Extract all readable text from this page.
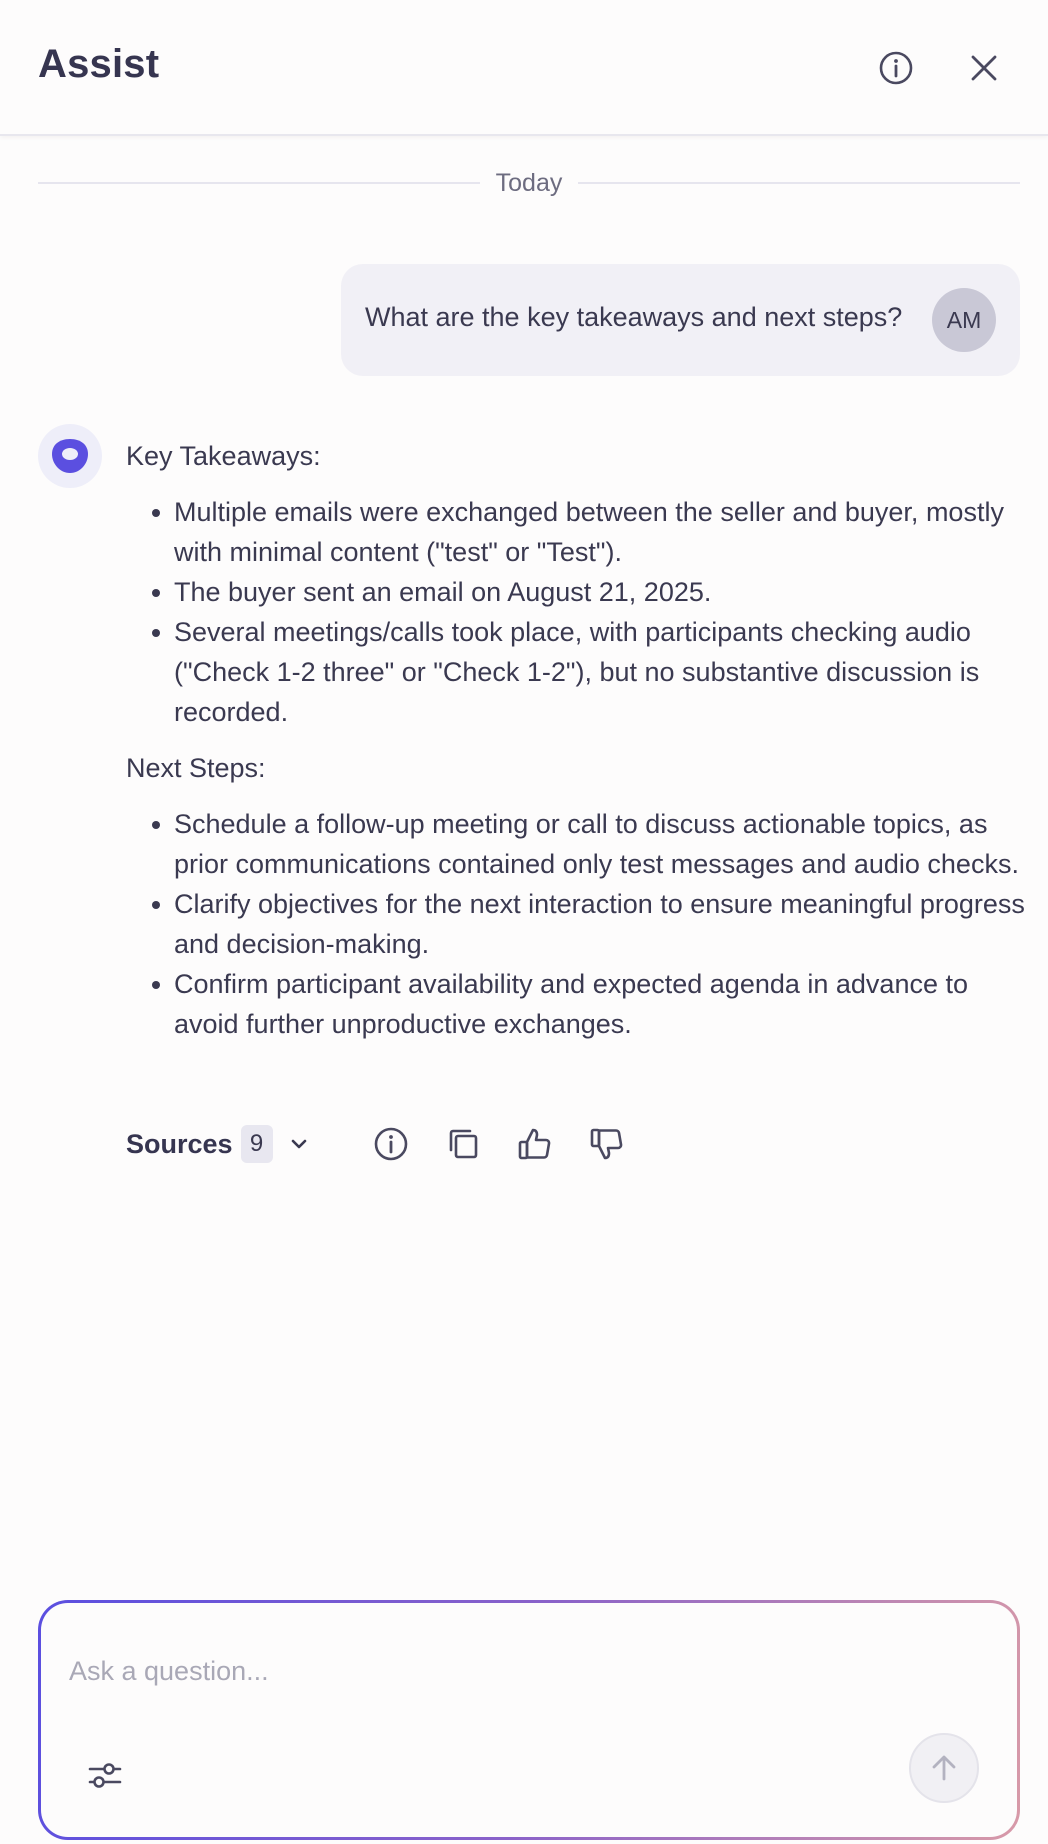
Assist
Today
What are the key takeaways and next steps?	AM
Key Takeaways:
Multiple emails were exchanged between the seller and buyer, mostly with minimal content ("test" or "Test").
The buyer sent an email on August 21, 2025.
Several meetings/calls took place, with participants checking audio ("Check 1-2 three" or "Check 1-2"), but no substantive discussion is recorded.
Next Steps:
Schedule a follow-up meeting or call to discuss actionable topics, as prior communications contained only test messages and audio checks.
Clarify objectives for the next interaction to ensure meaningful progress and decision-making.
Confirm participant availability and expected agenda in advance to avoid further unproductive exchanges.
Sources 9
Ask a question...
